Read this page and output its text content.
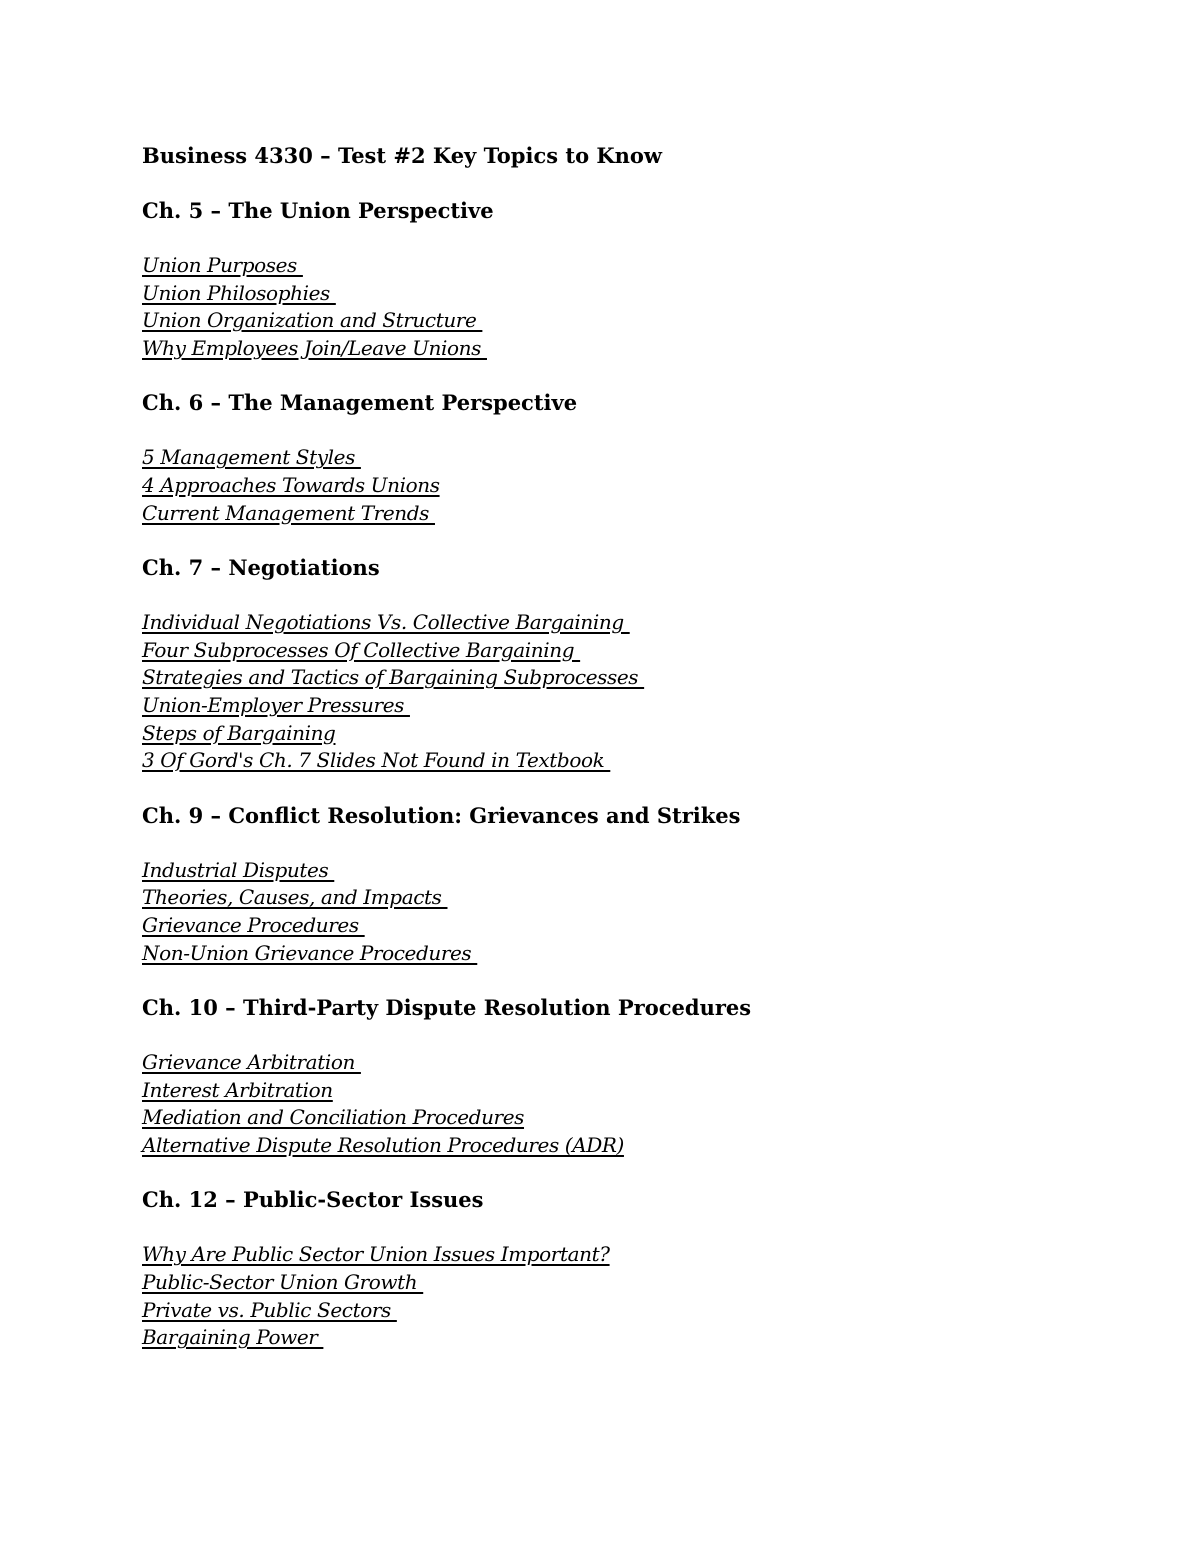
Business 4330 – Test #2 Key Topics to Know
Ch. 5 – The Union Perspective
Union Purposes
Union Philosophies
Union Organization and Structure
Why Employees Join/Leave Unions
Ch. 6 – The Management Perspective
5 Management Styles
4 Approaches Towards Unions
Current Management Trends
Ch. 7 – Negotiations
Individual Negotiations Vs. Collective Bargaining
Four Subprocesses Of Collective Bargaining
Strategies and Tactics of Bargaining Subprocesses
Union-Employer Pressures
Steps of Bargaining
3 Of Gord's Ch. 7 Slides Not Found in Textbook
Ch. 9 – Conflict Resolution: Grievances and Strikes
Industrial Disputes
Theories, Causes, and Impacts
Grievance Procedures
Non-Union Grievance Procedures
Ch. 10 – Third-Party Dispute Resolution Procedures
Grievance Arbitration
Interest Arbitration
Mediation and Conciliation Procedures
Alternative Dispute Resolution Procedures (ADR)
Ch. 12 – Public-Sector Issues
Why Are Public Sector Union Issues Important?
Public-Sector Union Growth
Private vs. Public Sectors
Bargaining Power
